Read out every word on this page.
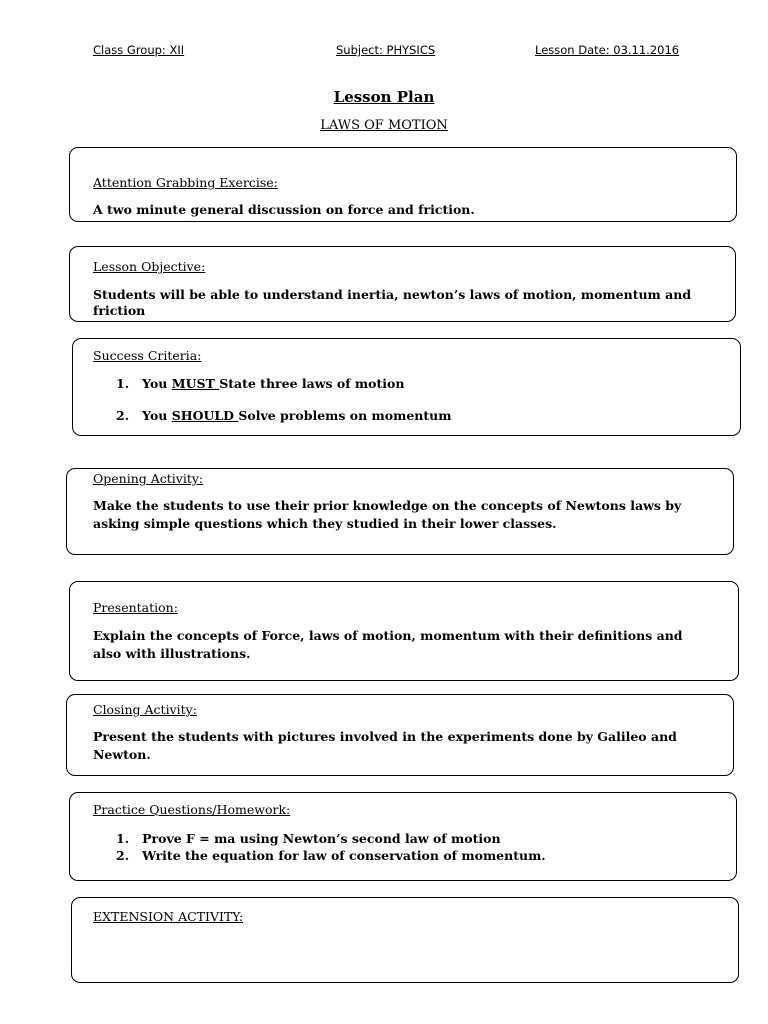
Class Group: XII	Subject: PHYSICS	Lesson Date: 03.11.2016
Lesson Plan
LAWS OF MOTION
Attention Grabbing Exercise:
A two minute general discussion on force and friction.
Lesson Objective:
Students will be able to understand inertia, newton’s laws of motion, momentum and
friction
Success Criteria:
1. You MUST State three laws of motion
2. You SHOULD Solve problems on momentum
Opening Activity:
Make the students to use their prior knowledge on the concepts of Newtons laws by
asking simple questions which they studied in their lower classes.
Presentation:
Explain the concepts of Force, laws of motion, momentum with their definitions and
also with illustrations.
Closing Activity:
Present the students with pictures involved in the experiments done by Galileo and
Newton.
Practice Questions/Homework:
1. Prove F = ma using Newton’s second law of motion
2. Write the equation for law of conservation of momentum.
EXTENSION ACTIVITY:
